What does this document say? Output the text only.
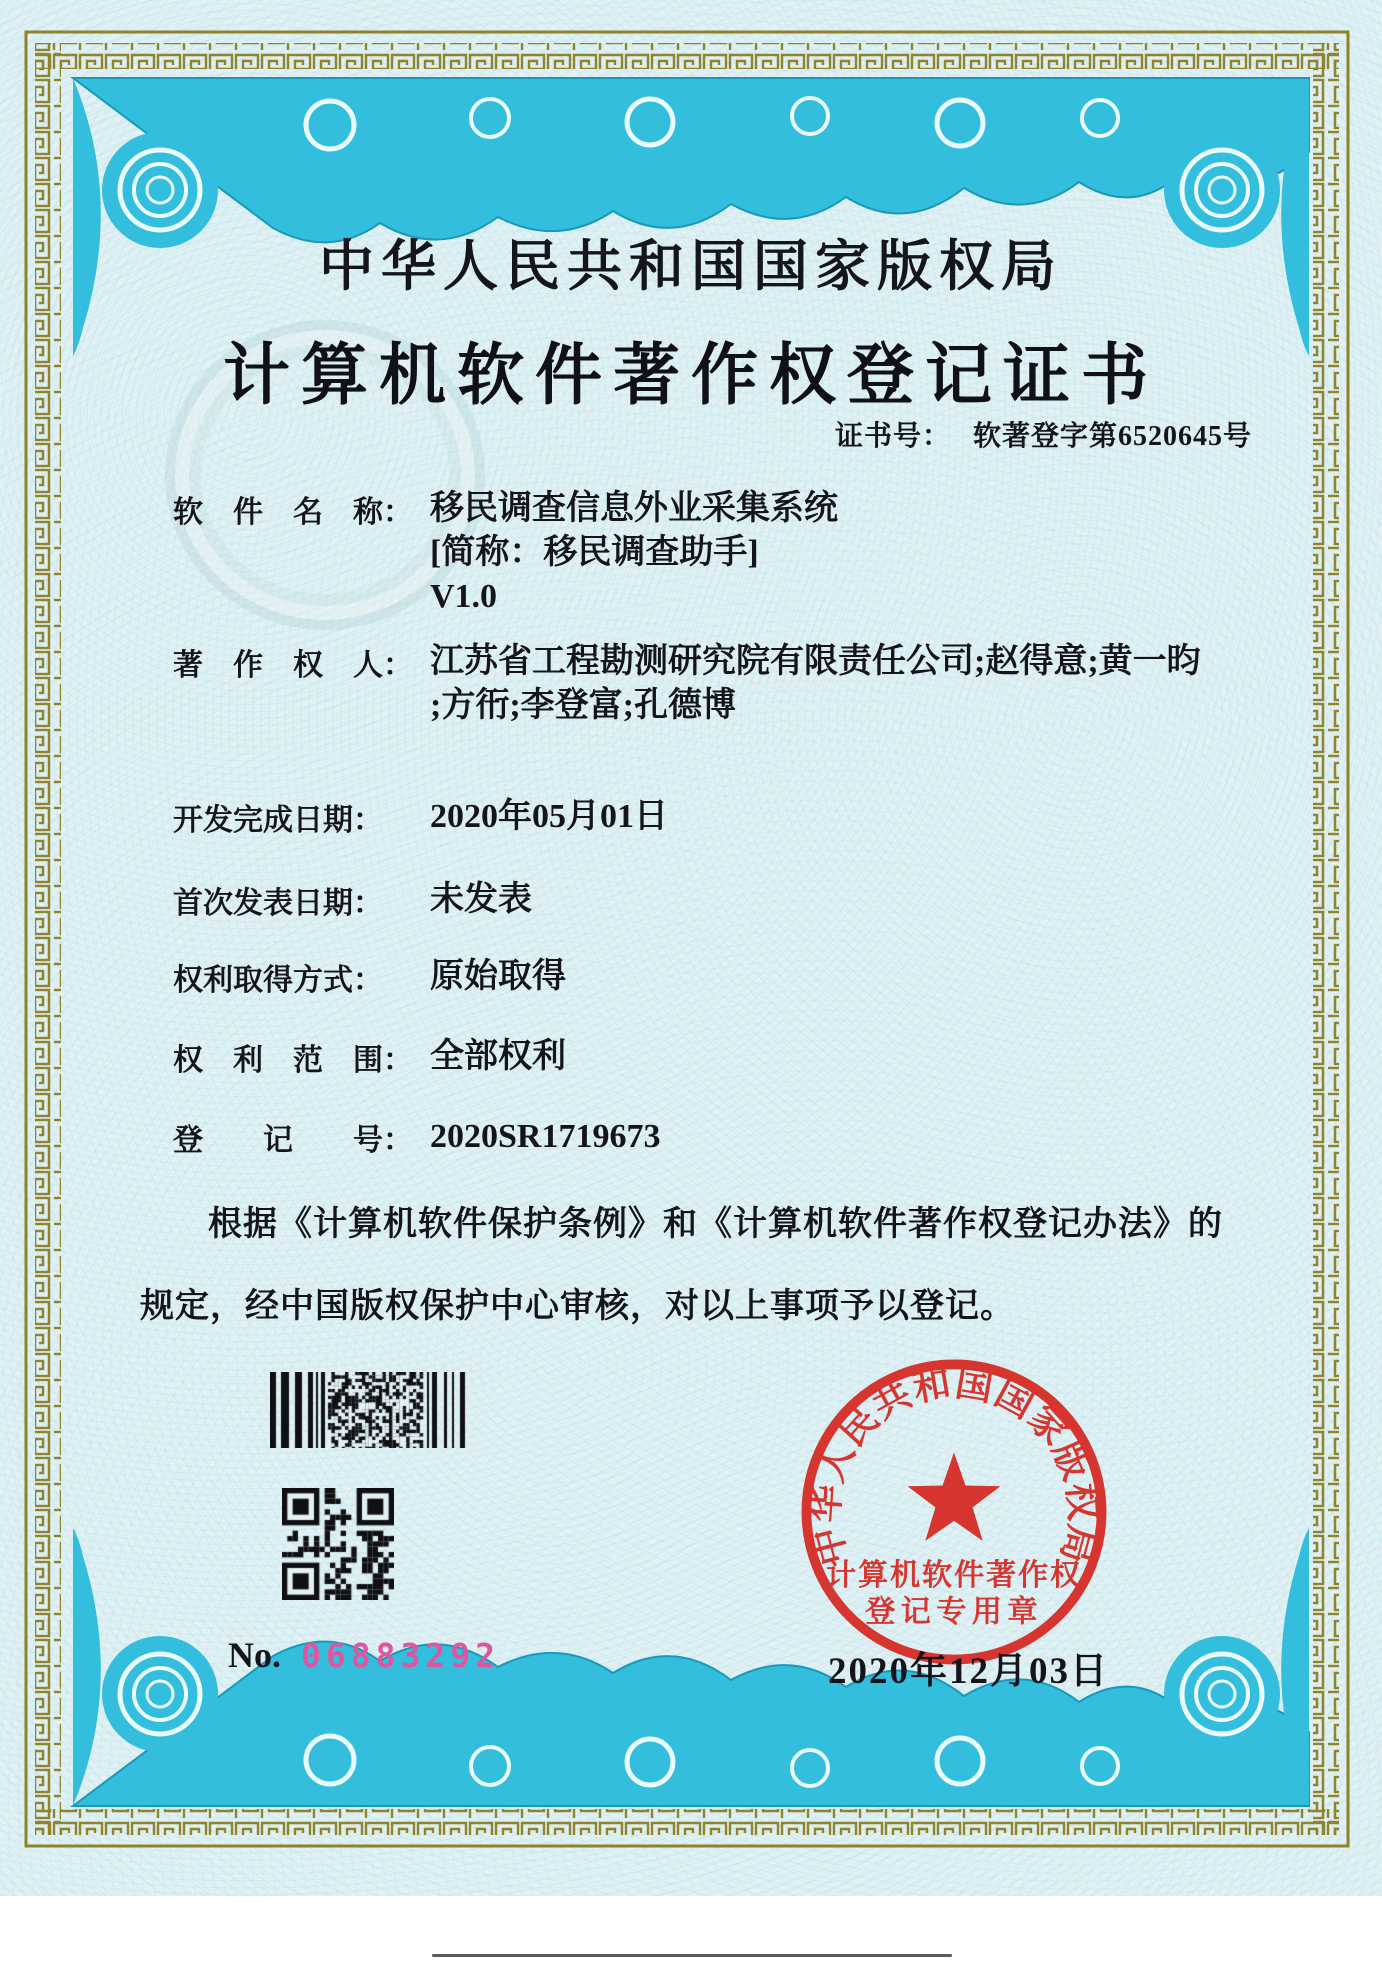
中华人民共和国国家版权局
计算机软件著作权登记证书
证书号： 软著登字第6520645号
软　件　名　称： 移民调查信息外业采集系统
[简称：移民调查助手]
V1.0
著　作　权　人： 江苏省工程勘测研究院有限责任公司;赵得意;黄一昀
;方衎;李登富;孔德博
开发完成日期：	2020年05月01日
首次发表日期：	未发表
权利取得方式：	原始取得
权　利　范　围： 全部权利
登　　记　　号： 2020SR1719673
根据《计算机软件保护条例》和《计算机软件著作权登记办法》的
规定，经中国版权保护中心审核，对以上事项予以登记。
No. 06883292
中华人民共和国国家版权局
计算机软件著作权
登记专用章
2020年12月03日
